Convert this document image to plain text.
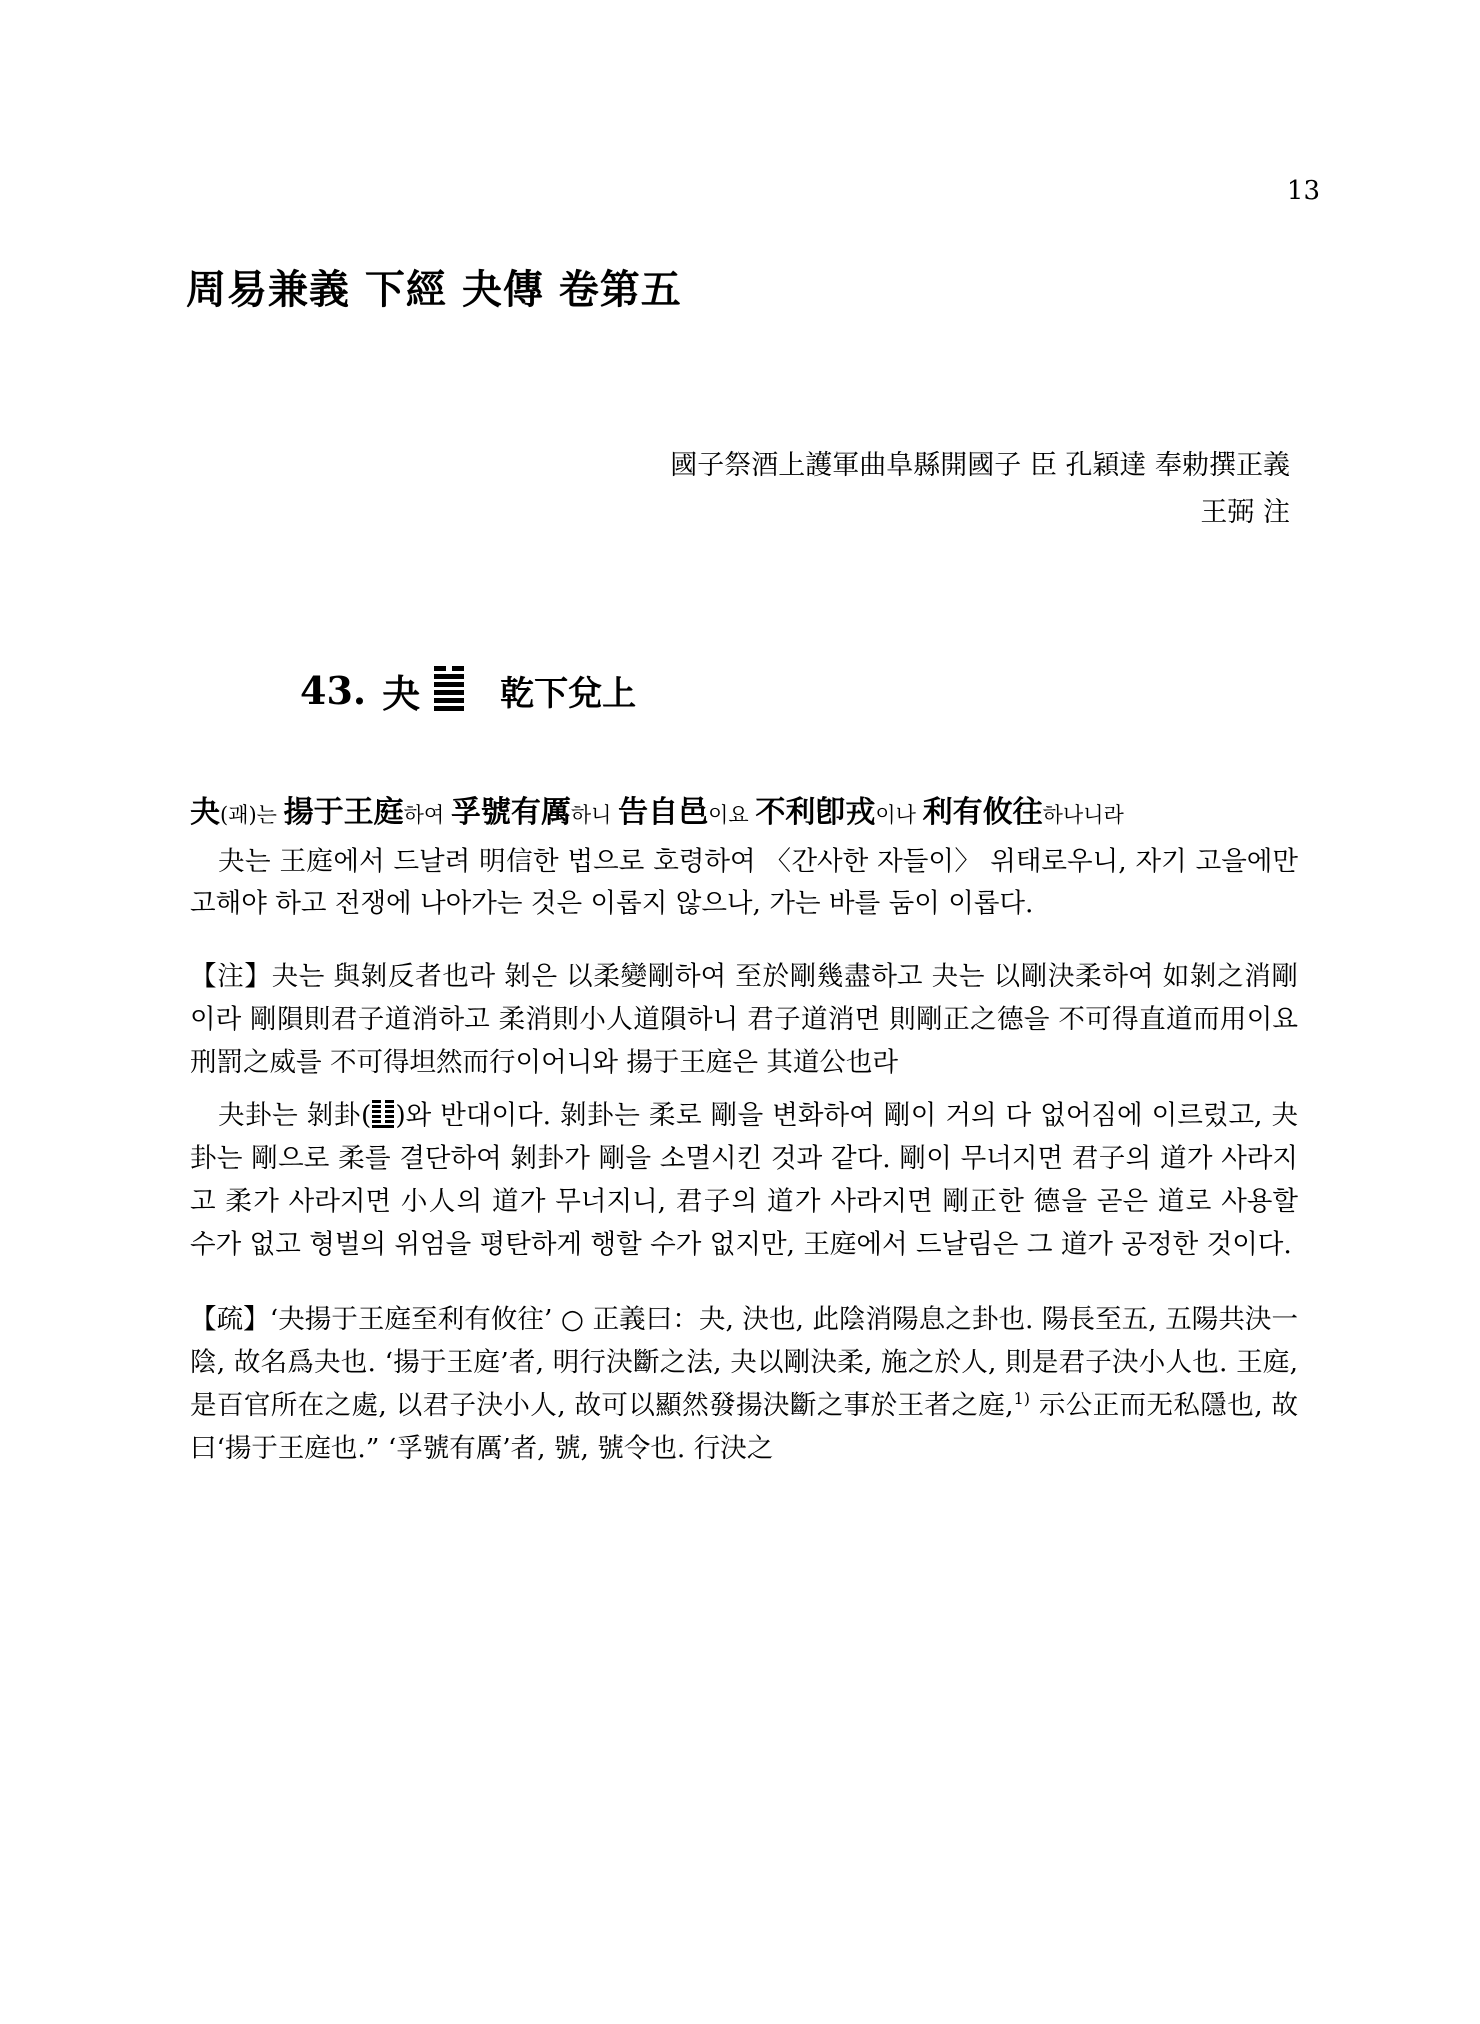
13
周易兼義 下經 夬傳 卷第五
國子祭酒上護軍曲阜縣開國子 臣 孔穎達 奉勅撰正義
王弼 注
43. 夬 乾下兌上

夬(괘)는 揚于王庭하여 孚號有厲하니 告自邑이요 不利卽戎이나 利有攸往하나니라

夬는 王庭에서 드날려 明信한 법으로 호령하여 〈간사한 자들이〉 위태로우니, 자기 고을에만 고해야 하고 전쟁에 나아가는 것은 이롭지 않으나, 가는 바를 둠이 이롭다.

【注】夬는 與剝反者也라 剝은 以柔變剛하여 至於剛幾盡하고 夬는 以剛決柔하여 如剝之消剛이라 剛隕則君子道消하고 柔消則小人道隕하니 君子道消면 則剛正之德을 不可得直道而用이요 刑罰之威를 不可得坦然而行이어니와 揚于王庭은 其道公也라

夬卦는 剝卦( )와 반대이다. 剝卦는 柔로 剛을 변화하여 剛이 거의 다 없어짐에 이르렀고, 夬卦는 剛으로 柔를 결단하여 剝卦가 剛을 소멸시킨 것과 같다. 剛이 무너지면 君子의 道가 사라지고 柔가 사라지면 小人의 道가 무너지니, 君子의 道가 사라지면 剛正한 德을 곧은 道로 사용할 수가 없고 형벌의 위엄을 평탄하게 행할 수가 없지만, 王庭에서 드날림은 그 道가 공정한 것이다.

【疏】‘夬揚于王庭至利有攸往’ ○ 正義曰：夬, 決也, 此陰消陽息之卦也. 陽長至五, 五陽共決一陰, 故名爲夬也. ‘揚于王庭’者, 明行決斷之法, 夬以剛決柔, 施之於人, 則是君子決小人也. 王庭, 是百官所在之處, 以君子決小人, 故可以顯然發揚決斷之事於王者之庭,$^{1)}$ 示公正而无私隱也, 故曰‘揚于王庭也.” ‘孚號有厲’者, 號, 號令也. 行決之
